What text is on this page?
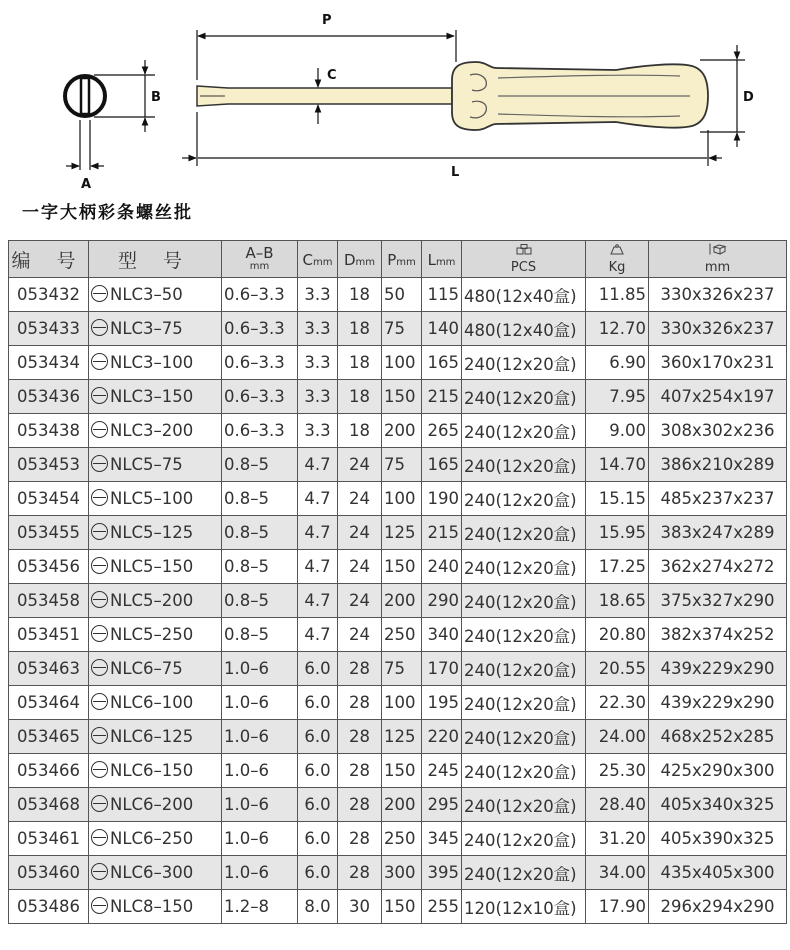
B
A
P
C
D
L
一字大柄彩条螺丝批
编 号	型 号	A–B
mm	Cmm	Dmm	Pmm	Lmm	PCS	Kg	mm
053432	NLC3–50	0.6–3.3	3.3	18	50	115	480(12x40盒)	11.85	330x326x237
053433	NLC3–75	0.6–3.3	3.3	18	75	140	480(12x40盒)	12.70	330x326x237
053434	NLC3–100	0.6–3.3	3.3	18	100	165	240(12x20盒)	6.90	360x170x231
053436	NLC3–150	0.6–3.3	3.3	18	150	215	240(12x20盒)	7.95	407x254x197
053438	NLC3–200	0.6–3.3	3.3	18	200	265	240(12x20盒)	9.00	308x302x236
053453	NLC5–75	0.8–5	4.7	24	75	165	240(12x20盒)	14.70	386x210x289
053454	NLC5–100	0.8–5	4.7	24	100	190	240(12x20盒)	15.15	485x237x237
053455	NLC5–125	0.8–5	4.7	24	125	215	240(12x20盒)	15.95	383x247x289
053456	NLC5–150	0.8–5	4.7	24	150	240	240(12x20盒)	17.25	362x274x272
053458	NLC5–200	0.8–5	4.7	24	200	290	240(12x20盒)	18.65	375x327x290
053451	NLC5–250	0.8–5	4.7	24	250	340	240(12x20盒)	20.80	382x374x252
053463	NLC6–75	1.0–6	6.0	28	75	170	240(12x20盒)	20.55	439x229x290
053464	NLC6–100	1.0–6	6.0	28	100	195	240(12x20盒)	22.30	439x229x290
053465	NLC6–125	1.0–6	6.0	28	125	220	240(12x20盒)	24.00	468x252x285
053466	NLC6–150	1.0–6	6.0	28	150	245	240(12x20盒)	25.30	425x290x300
053468	NLC6–200	1.0–6	6.0	28	200	295	240(12x20盒)	28.40	405x340x325
053461	NLC6–250	1.0–6	6.0	28	250	345	240(12x20盒)	31.20	405x390x325
053460	NLC6–300	1.0–6	6.0	28	300	395	240(12x20盒)	34.00	435x405x300
053486	NLC8–150	1.2–8	8.0	30	150	255	120(12x10盒)	17.90	296x294x290
